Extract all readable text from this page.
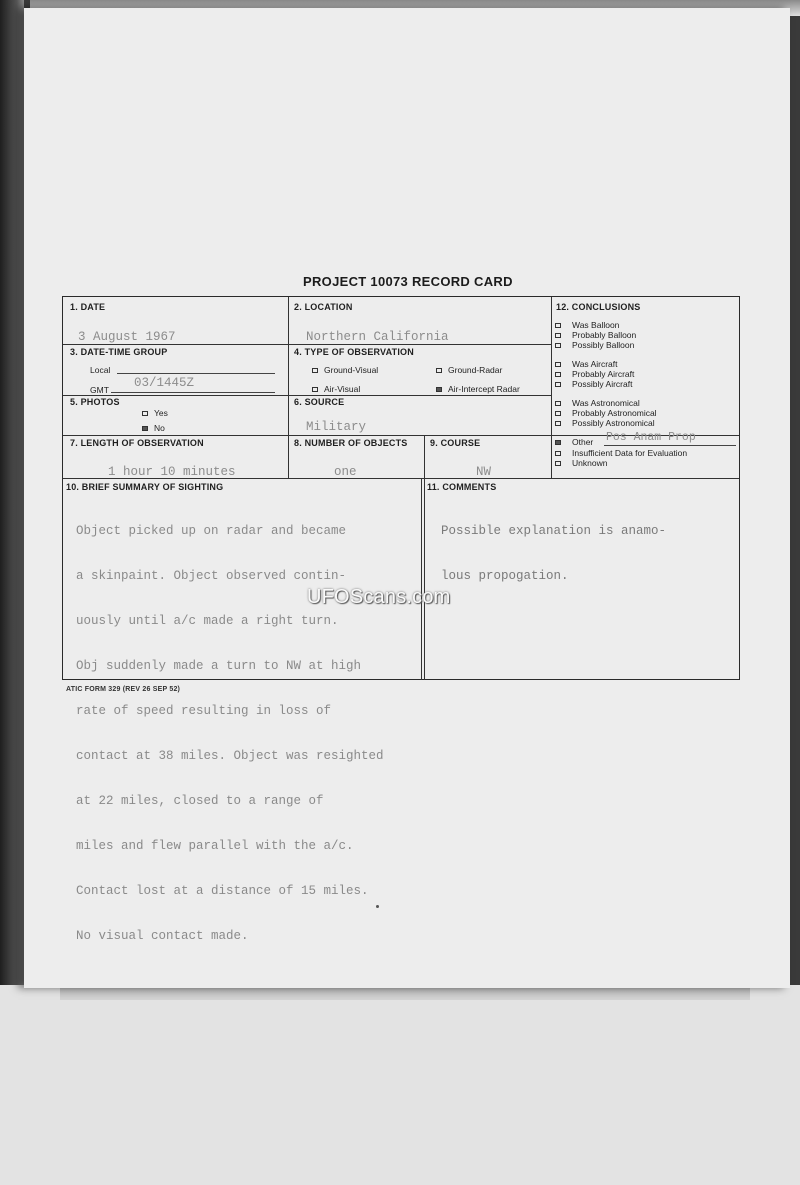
PROJECT 10073 RECORD CARD
1. DATE
3 August 1967
2. LOCATION
Northern California
3. DATE-TIME GROUP
Local
GMT 03/1445Z
4. TYPE OF OBSERVATION
Ground-Visual	Ground-Radar
Air-Visual	Air-Intercept Radar
5. PHOTOS
Yes
No
6. SOURCE
Military
7. LENGTH OF OBSERVATION
1 hour 10 minutes
8. NUMBER OF OBJECTS
one
9. COURSE
NW
12. CONCLUSIONS
Was Balloon
Probably Balloon
Possibly Balloon
Was Aircraft
Probably Aircraft
Possibly Aircraft
Was Astronomical
Probably Astronomical
Possibly Astronomical
Other Pos Anam Prop
Insufficient Data for Evaluation
Unknown
10. BRIEF SUMMARY OF SIGHTING

Object picked up on radar and became

a skinpaint. Object observed contin-

uously until a/c made a right turn.

Obj suddenly made a turn to NW at high

rate of speed resulting in loss of

contact at 38 miles. Object was resighted

at 22 miles, closed to a range of

miles and flew parallel with the a/c.

Contact lost at a distance of 15 miles.

No visual contact made.

11. COMMENTS

Possible explanation is anamo-

lous propogation.

UFOScans.com
ATIC FORM 329 (REV 26 SEP 52)
